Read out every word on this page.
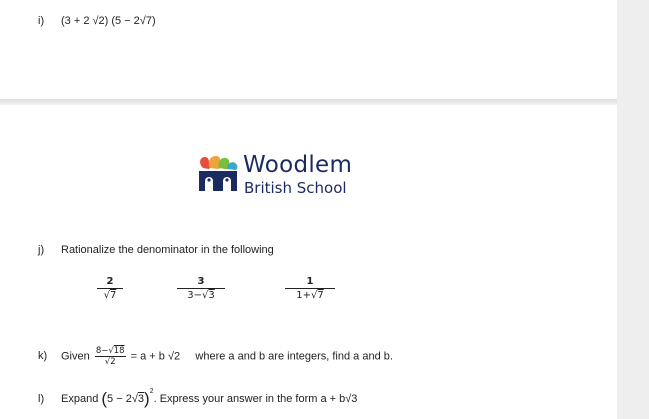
i) (3 + 2 √2) (5 − 2√7)
Woodlem
British School
j) Rationalize the denominator in the following
2
√7
3
3−√3
1
1+√7
k) Given $\frac{8-√18}{√2} = a + b$ √2 where a and b are integers, find a and b.
l) Expand $(5 - 2√3)^2$. Express your answer in the form a + b√3
